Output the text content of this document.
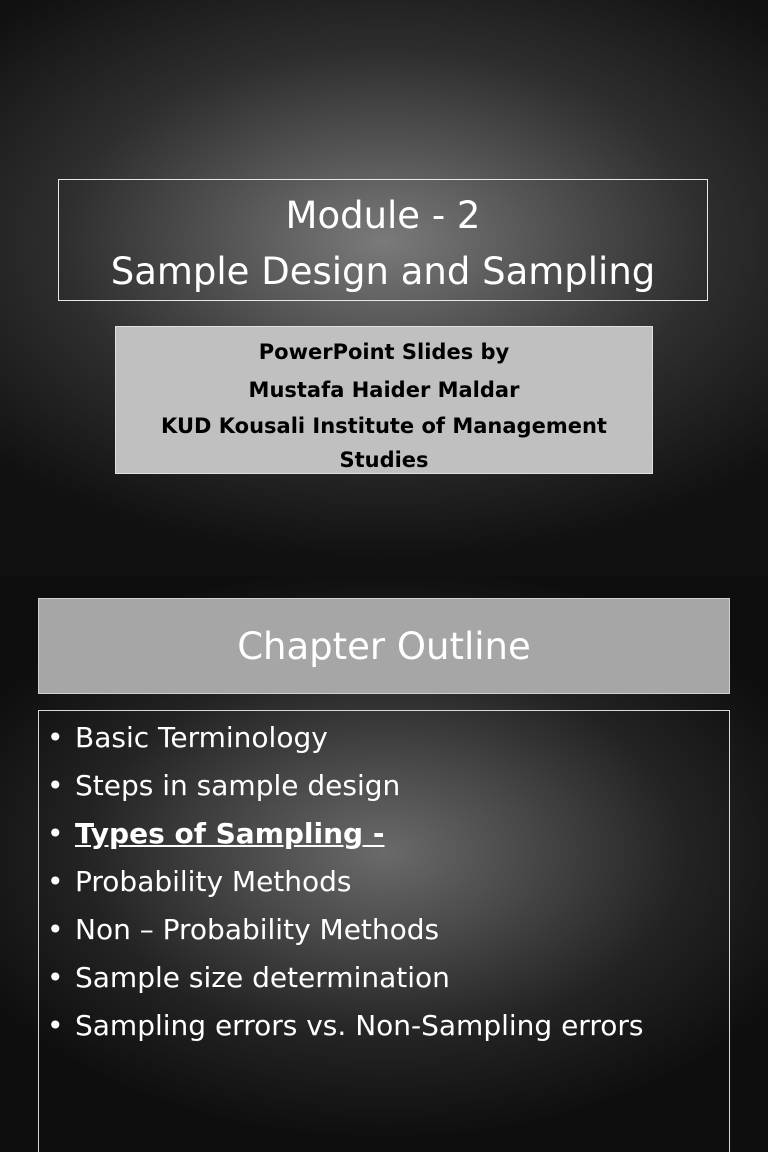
Module - 2
Sample Design and Sampling
PowerPoint Slides by
Mustafa Haider Maldar
KUD Kousali Institute of Management Studies
Chapter Outline
• Basic Terminology
• Steps in sample design
• Types of Sampling -
• Probability Methods
• Non – Probability Methods
• Sample size determination
• Sampling errors vs. Non-Sampling errors
